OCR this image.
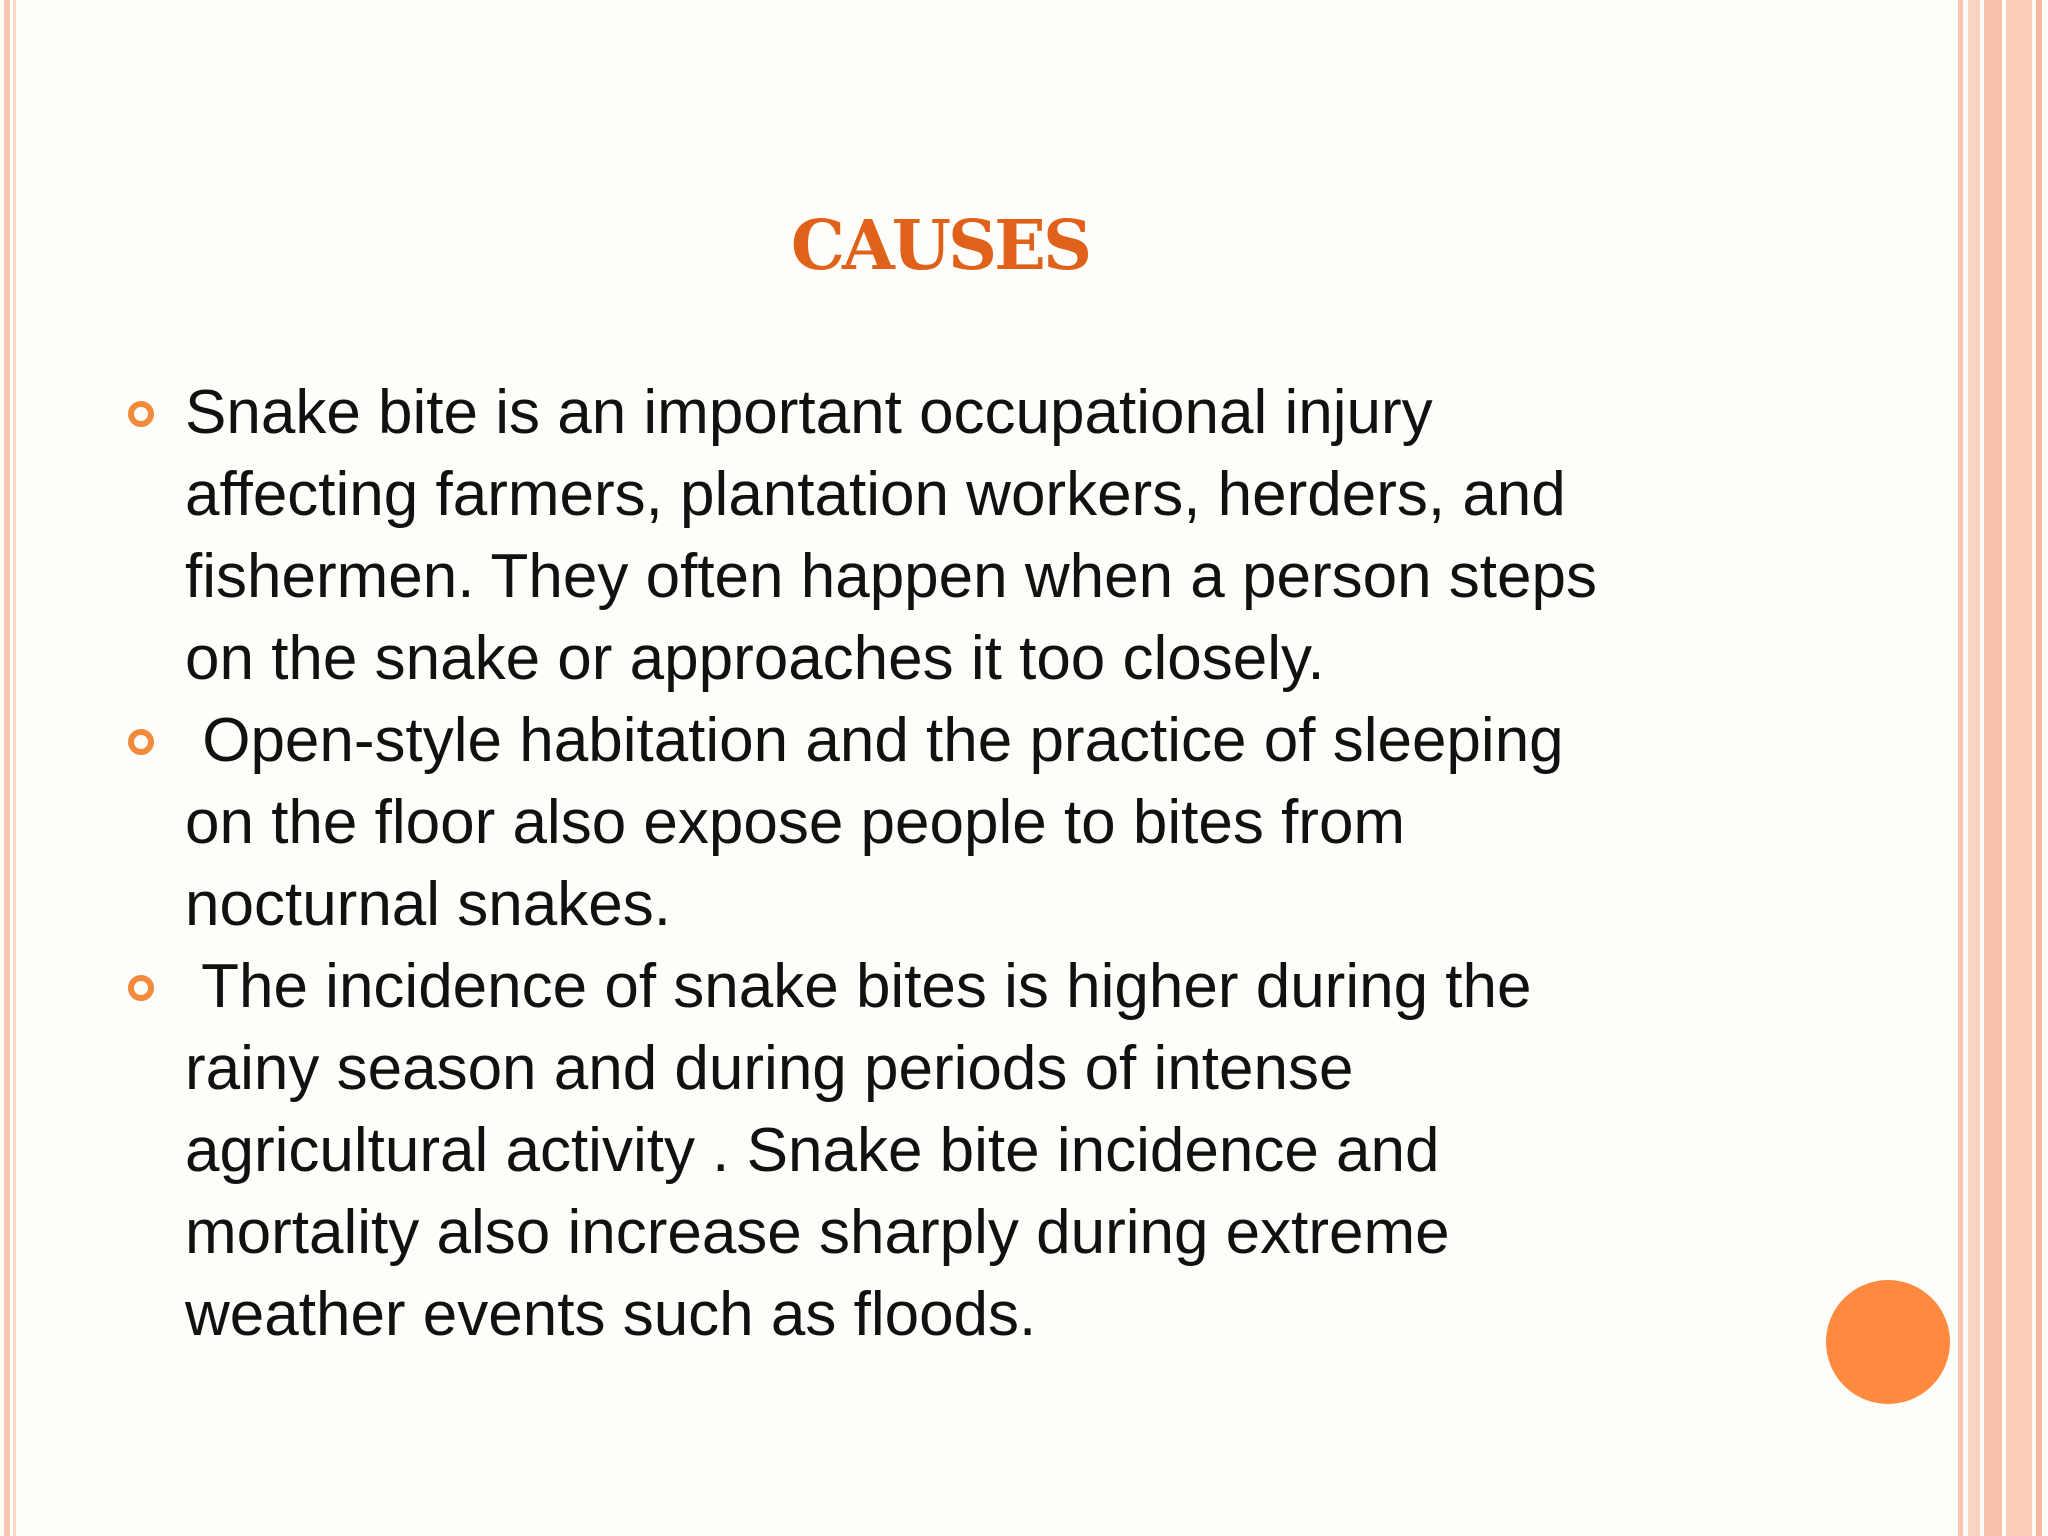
CAUSES
Snake bite is an important occupational injury
affecting farmers, plantation workers, herders, and
fishermen. They often happen when a person steps
on the snake or approaches it too closely.
Open-style habitation and the practice of sleeping
on the floor also expose people to bites from
nocturnal snakes.
The incidence of snake bites is higher during the
rainy season and during periods of intense
agricultural activity . Snake bite incidence and
mortality also increase sharply during extreme
weather events such as floods.
